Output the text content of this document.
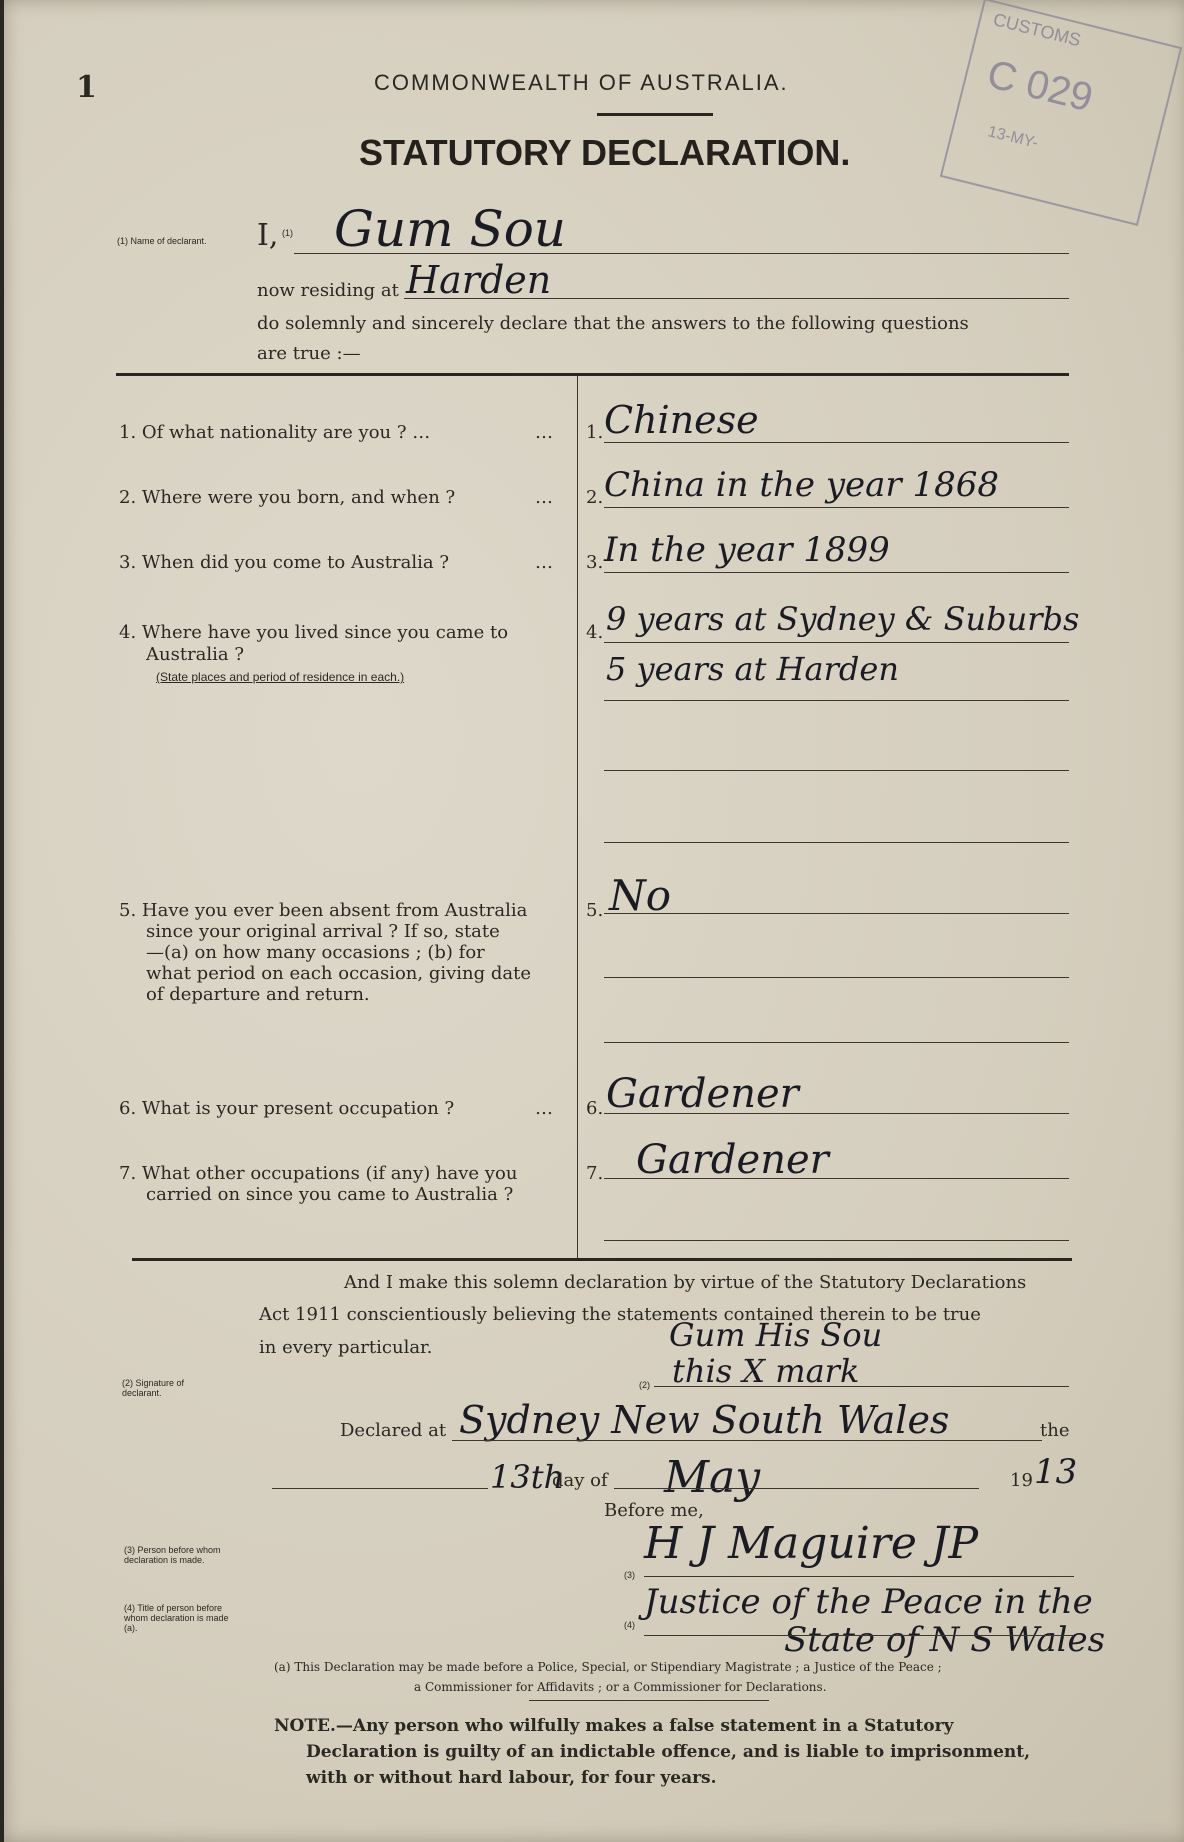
1	COMMONWEALTH OF AUSTRALIA.
STATUTORY DECLARATION.
CUSTOMS
C 029
13-MY-
(1) Name of declarant. I, (1) Gum Sou
now residing at Harden
do solemnly and sincerely declare that the answers to the following questions
are true :—
1. Of what nationality are you ? …	… 1. Chinese
2. Where were you born, and when ?	… 2. China in the year 1868
3. When did you come to Australia ?	… 3. In the year 1899
4. Where have you lived since you came to
Australia ?
(State places and period of residence in each.)
4. 9 years at Sydney & Suburbs
5 years at Harden
5. Have you ever been absent from Australia
since your original arrival ? If so, state
—(a) on how many occasions ; (b) for
what period on each occasion, giving date
of departure and return.
5. No
6. What is your present occupation ?	… 6. Gardener
7. What other occupations (if any) have you
carried on since you came to Australia ?
7. Gardener
And I make this solemn declaration by virtue of the Statutory Declarations
Act 1911 conscientiously believing the statements contained therein to be true
in every particular.
(2) Signature of declarant.
(2)
Gum His Sou
this X mark
Declared at Sydney New South Wales	the
13th
day of May	19 13
Before me,
(3) Person before whom declaration is made.
(3)
H J Maguire JP
(4) Title of person before whom declaration is made (a).	(4)
Justice of the Peace in the
State of N S Wales
(a) This Declaration may be made before a Police, Special, or Stipendiary Magistrate ; a Justice of the Peace ;
a Commissioner for Affidavits ; or a Commissioner for Declarations.
NOTE.—Any person who wilfully makes a false statement in a Statutory
Declaration is guilty of an indictable offence, and is liable to imprisonment,
with or without hard labour, for four years.
